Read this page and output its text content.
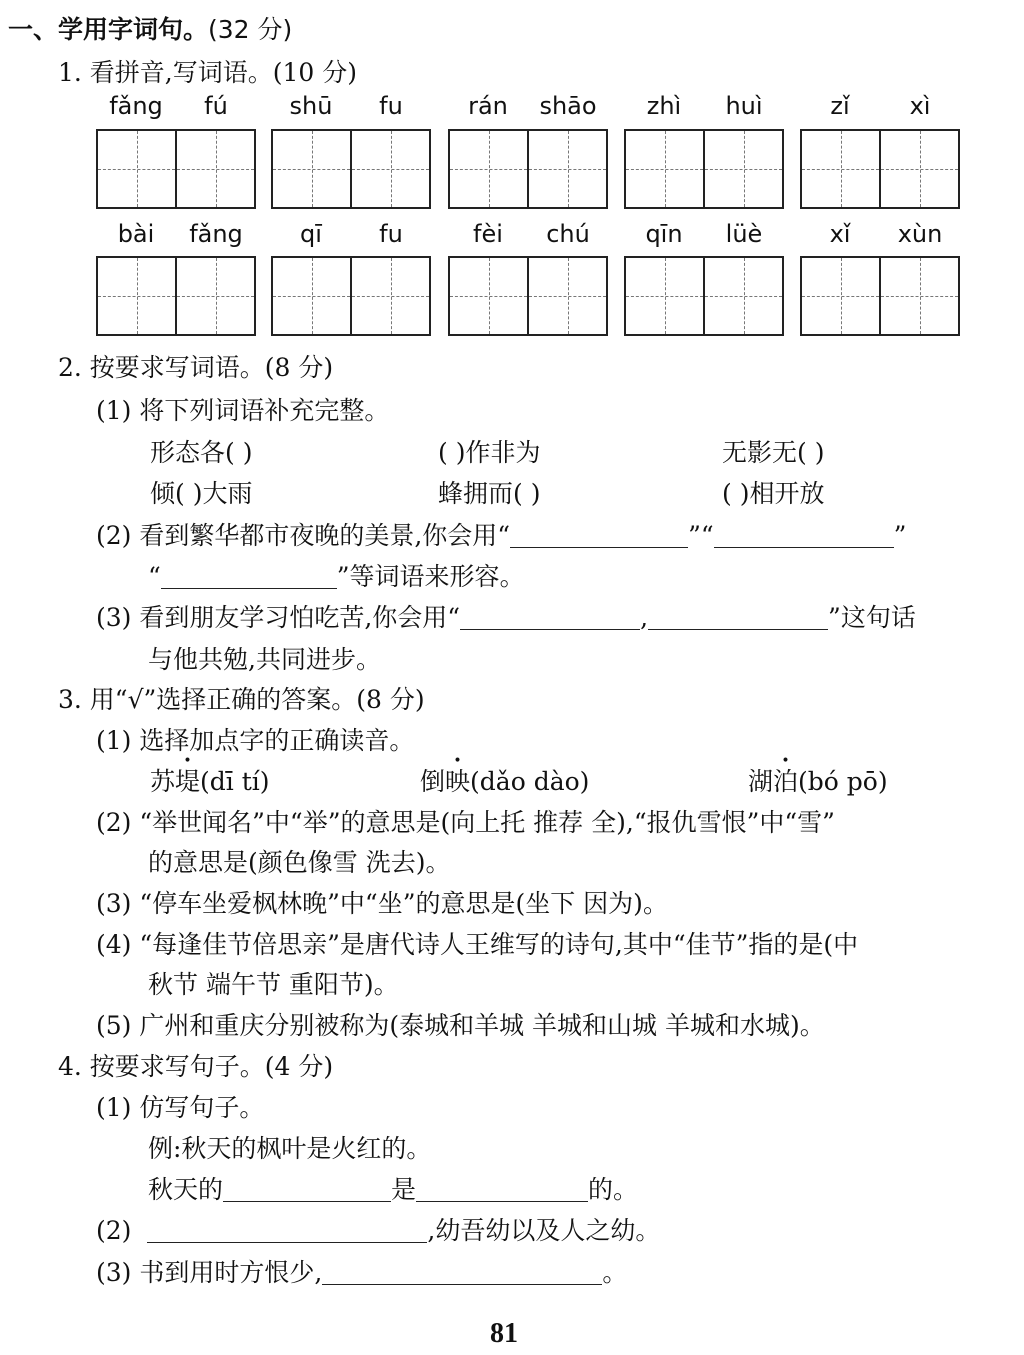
一、学用字词句。(32 分)
1. 看拼音,写词语。(10 分)
fǎng	fú	shū	fu	rán	shāo	zhì	huì	zǐ	xì
bài	fǎng	qī	fu	fèi	chú	qīn	lüè	xǐ	xùn
2. 按要求写词语。(8 分)
(1) 将下列词语补充完整。
形态各( )	( )作非为	无影无( )
倾( )大雨	蜂拥而( )	( )相开放
(2) 看到繁华都市夜晚的美景,你会用“	”“	”
“	”等词语来形容。
(3) 看到朋友学习怕吃苦,你会用“	,	”这句话
与他共勉,共同进步。
3. 用“√”选择正确的答案。(8 分)
(1) 选择加点字的正确读音。
苏堤(dī tí)	倒映(dǎo dào)	湖泊(bó pō)
(2) “举世闻名”中“举”的意思是(向上托 推荐 全),“报仇雪恨”中“雪”
的意思是(颜色像雪 洗去)。
(3) “停车坐爱枫林晚”中“坐”的意思是(坐下 因为)。
(4) “每逢佳节倍思亲”是唐代诗人王维写的诗句,其中“佳节”指的是(中
秋节 端午节 重阳节)。
(5) 广州和重庆分别被称为(泰城和羊城 羊城和山城 羊城和水城)。
4. 按要求写句子。(4 分)
(1) 仿写句子。
例:秋天的枫叶是火红的。
秋天的	是	的。
(2)	,幼吾幼以及人之幼。
(3) 书到用时方恨少,	。
81
